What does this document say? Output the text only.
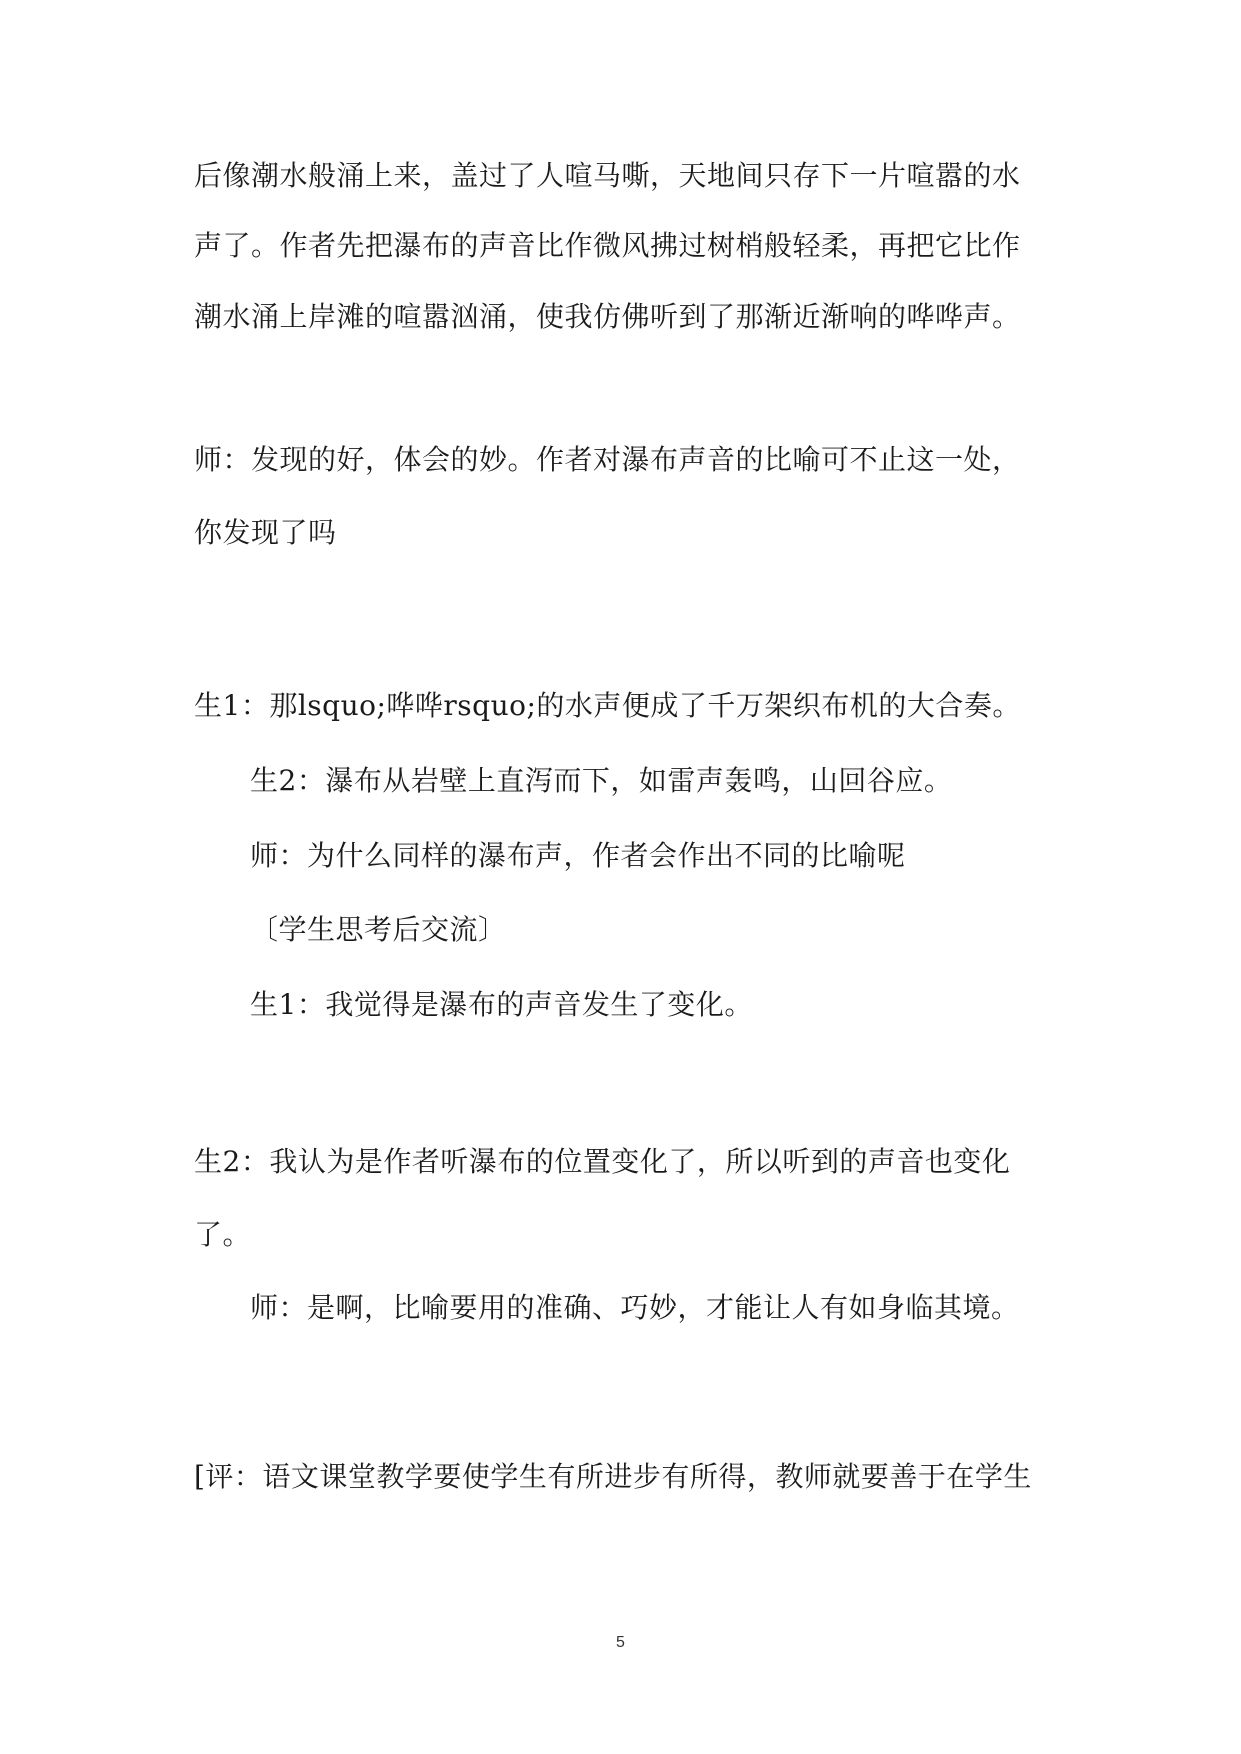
后像潮水般涌上来，盖过了人喧马嘶，天地间只存下一片喧嚣的水
声了。作者先把瀑布的声音比作微风拂过树梢般轻柔，再把它比作
潮水涌上岸滩的喧嚣汹涌，使我仿佛听到了那渐近渐响的哗哗声。
师：发现的好，体会的妙。作者对瀑布声音的比喻可不止这一处，
你发现了吗
生1：那lsquo;哗哗rsquo;的水声便成了千万架织布机的大合奏。
生2：瀑布从岩壁上直泻而下，如雷声轰鸣，山回谷应。
师：为什么同样的瀑布声，作者会作出不同的比喻呢
〔学生思考后交流〕
生1：我觉得是瀑布的声音发生了变化。
生2：我认为是作者听瀑布的位置变化了，所以听到的声音也变化
了。
师：是啊，比喻要用的准确、巧妙，才能让人有如身临其境。
[评：语文课堂教学要使学生有所进步有所得，教师就要善于在学生
5
